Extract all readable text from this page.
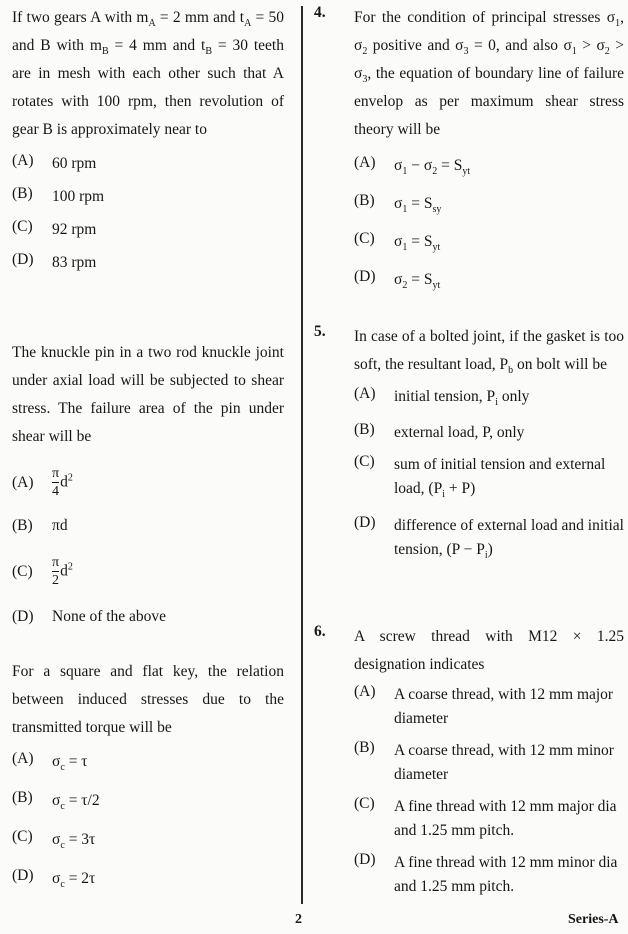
If two gears A with $m_A = 2$ mm and $t_A = 50$ and B with $m_B = 4$ mm and $t_B = 30$ teeth are in mesh with each other such that A rotates with 100 rpm, then revolution of gear B is approximately near to
(A)	60 rpm
(B)	100 rpm
(C)	92 rpm
(D)	83 rpm
The knuckle pin in a two rod knuckle joint under axial load will be subjected to shear stress. The failure area of the pin under shear will be
(A)	$\frac{\pi}{4} d^2$
(B)	πd
(C)	$\frac{\pi}{2} d^2$
(D)	None of the above
For a square and flat key, the relation between induced stresses due to the transmitted torque will be
(A)	$\sigma_c = \tau$
(B)	$\sigma_c = \tau/2$
(C)	$\sigma_c = 3\tau$
(D)	$\sigma_c = 2\tau$
4. For the condition of principal stresses $\sigma_1$, $\sigma_2$ positive and $\sigma_3 = 0$, and also $\sigma_1 > \sigma_2 > \sigma_3$, the equation of boundary line of failure envelop as per maximum shear stress theory will be
(A)	$\sigma_1 - \sigma_2 = S_{yt}$
(B)	$\sigma_1 = S_{sy}$
(C)	$\sigma_1 = S_{yt}$
(D)	$\sigma_2 = S_{yt}$
5. In case of a bolted joint, if the gasket is too soft, the resultant load, $P_b$ on bolt will be
(A)	initial tension, $P_i$ only
(B)	external load, P, only
(C)	sum of initial tension and external load, $(P_i + P)$
(D)	difference of external load and initial tension, $(P - P_i)$
6. A screw thread with M12 × 1.25 designation indicates
(A)	A coarse thread, with 12 mm major diameter
(B)	A coarse thread, with 12 mm minor diameter
(C)	A fine thread with 12 mm major dia and 1.25 mm pitch.
(D)	A fine thread with 12 mm minor dia and 1.25 mm pitch.
2	Series-A
